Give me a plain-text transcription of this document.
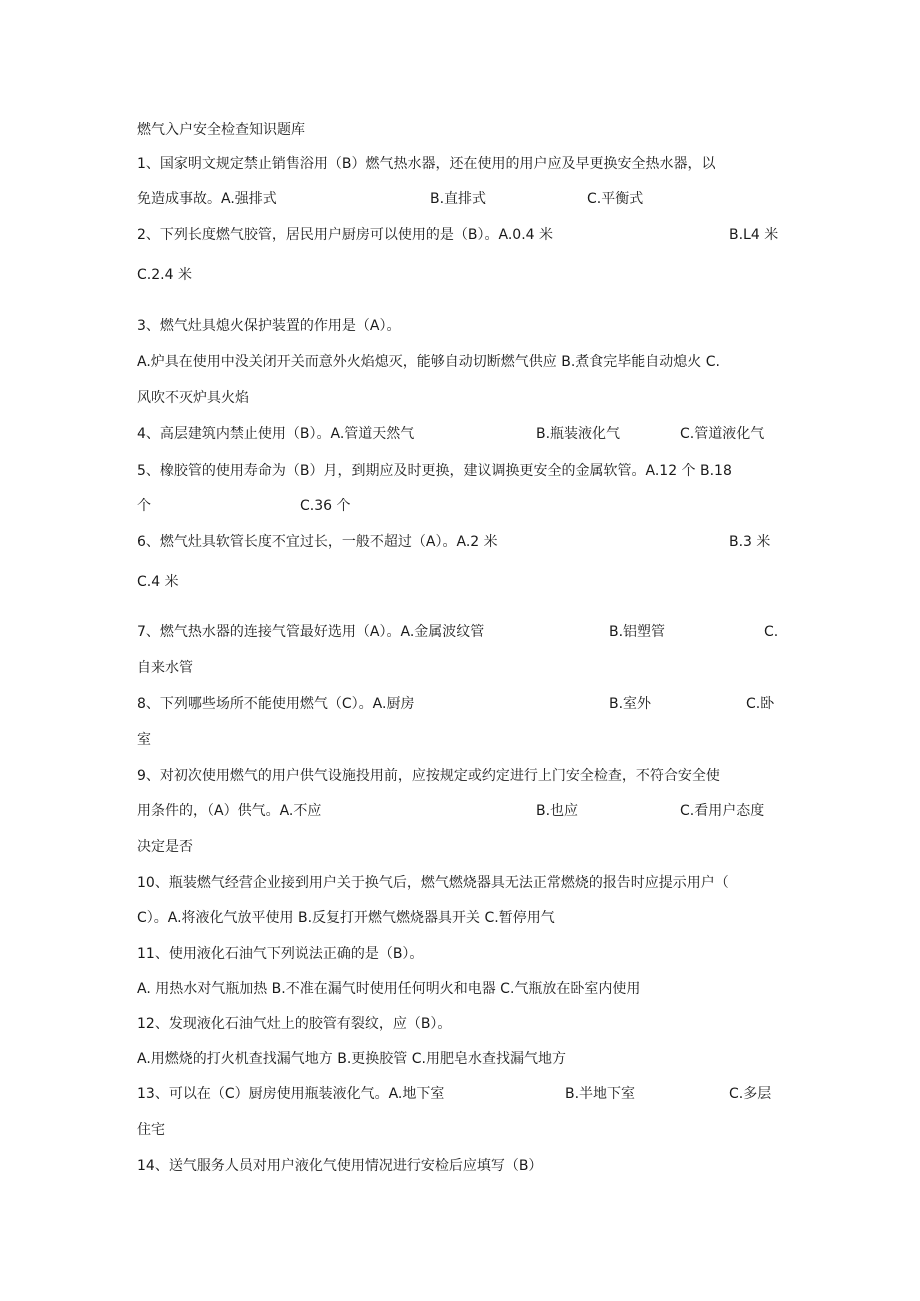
燃气入户安全检查知识题库
1、国家明文规定禁止销售浴用（B）燃气热水器，还在使用的用户应及早更换安全热水器，以
免造成事故。A.强排式	B.直排式	C.平衡式
2、下列长度燃气胶管，居民用户厨房可以使用的是（B）。A.0.4 米	B.L4 米
C.2.4 米
3、燃气灶具熄火保护装置的作用是（A）。
A.炉具在使用中没关闭开关而意外火焰熄灭，能够自动切断燃气供应 B.煮食完毕能自动熄火 C.
风吹不灭炉具火焰
4、高层建筑内禁止使用（B）。A.管道天然气	B.瓶装液化气	C.管道液化气
5、橡胶管的使用寿命为（B）月，到期应及时更换，建议调换更安全的金属软管。A.12 个 B.18
个	C.36 个
6、燃气灶具软管长度不宜过长，一般不超过（A）。A.2 米	B.3 米
C.4 米
7、燃气热水器的连接气管最好选用（A）。A.金属波纹管	B.铝塑管	C.
自来水管
8、下列哪些场所不能使用燃气（C）。A.厨房	B.室外	C.卧
室
9、对初次使用燃气的用户供气设施投用前，应按规定或约定进行上门安全检查，不符合安全使
用条件的，（A）供气。A.不应	B.也应	C.看用户态度
决定是否
10、瓶装燃气经营企业接到用户关于换气后，燃气燃烧器具无法正常燃烧的报告时应提示用户（
C）。A.将液化气放平使用 B.反复打开燃气燃烧器具开关 C.暂停用气
11、使用液化石油气下列说法正确的是（B）。
A. 用热水对气瓶加热 B.不准在漏气时使用任何明火和电器 C.气瓶放在卧室内使用
12、发现液化石油气灶上的胶管有裂纹，应（B）。
A.用燃烧的打火机查找漏气地方 B.更换胶管 C.用肥皂水查找漏气地方
13、可以在（C）厨房使用瓶装液化气。A.地下室	B.半地下室	C.多层
住宅
14、送气服务人员对用户液化气使用情况进行安检后应填写（B）
